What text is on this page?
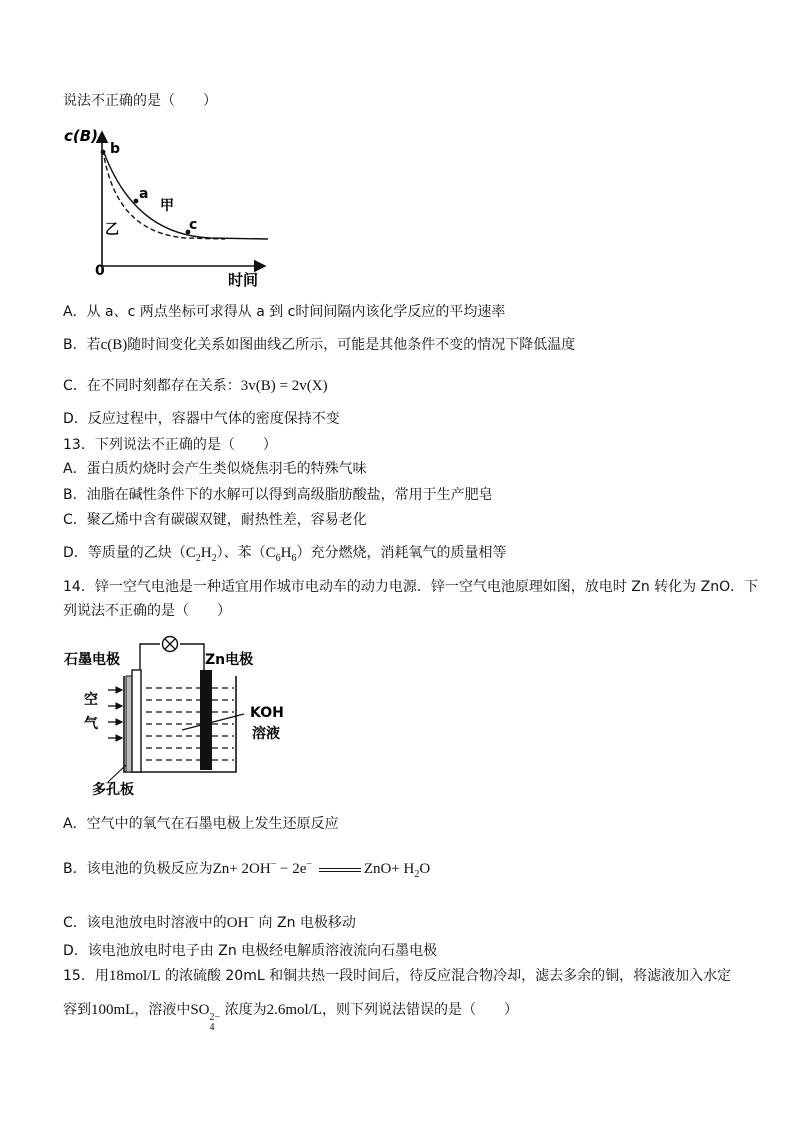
说法不正确的是（　　）
c(B)
时间
0
b
a
c
甲
乙
A．从 a、c 两点坐标可求得从 a 到 c时间间隔内该化学反应的平均速率
B．若c(B)随时间变化关系如图曲线乙所示，可能是其他条件不变的情况下降低温度
C．在不同时刻都存在关系：3v(B) = 2v(X)
D．反应过程中，容器中气体的密度保持不变
13．下列说法不正确的是（　　）
A．蛋白质灼烧时会产生类似烧焦羽毛的特殊气味
B．油脂在碱性条件下的水解可以得到高级脂肪酸盐，常用于生产肥皂
C．聚乙烯中含有碳碳双键，耐热性差，容易老化
D．等质量的乙炔$(C_2H_2)$、苯$(C_6H_6)$充分燃烧，消耗氧气的质量相等
14．锌一空气电池是一种适宜用作城市电动车的动力电源．锌一空气电池原理如图，放电时 Zn 转化为 ZnO．下
列说法不正确的是（　　）
石墨电极	Zn电极
空
气
KOH
溶液
多孔板
A．空气中的氧气在石墨电极上发生还原反应
B．该电池的负极反应为Zn+ 2OH− − 2e−	$ZnO+ H_2O$
C．该电池放电时溶液中的OH− 向 Zn 电极移动
D．该电池放电时电子由 Zn 电极经电解质溶液流向石墨电极
15．用18mol/L 的浓硫酸 20mL 和铜共热一段时间后，待反应混合物冷却，滤去多余的铜，将滤液加入水定
容到100mL，溶液中SO 2−
4
浓度为2.6mol/L，则下列说法错误的是（　　）
